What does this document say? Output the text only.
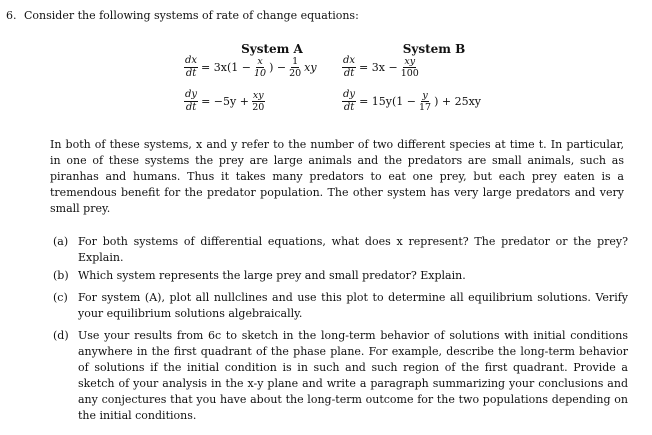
6. Consider the following systems of rate of change equations:
System A
$\frac{dx}{dt} = 3x(1 - \frac{x}{10}$ ) − $\frac{1}{20}$ xy
$\frac{dy}{dt} = -5y + \frac{xy}{20}$
System B
$\frac{dx}{dt} = 3x - \frac{xy}{100}$
$\frac{dy}{dt} = 15y(1 - \frac{y}{17}$ ) + 25xy
In both of these systems, x and y refer to the number of two different species at time t. In particular, in one of these systems the prey are large animals and the predators are small animals, such as piranhas and humans. Thus it takes many predators to eat one prey, but each prey eaten is a tremendous benefit for the predator population. The other system has very large predators and very small prey.
(a) For both systems of differential equations, what does x represent? The predator or the prey? Explain.
(b) Which system represents the large prey and small predator? Explain.
(c) For system (A), plot all nullclines and use this plot to determine all equilibrium solutions. Verify your equilibrium solutions algebraically.
(d) Use your results from 6c to sketch in the long-term behavior of solutions with initial conditions anywhere in the first quadrant of the phase plane. For example, describe the long-term behavior of solutions if the initial condition is in such and such region of the first quadrant. Provide a sketch of your analysis in the x-y plane and write a paragraph summarizing your conclusions and any conjectures that you have about the long-term outcome for the two populations depending on the initial conditions.
